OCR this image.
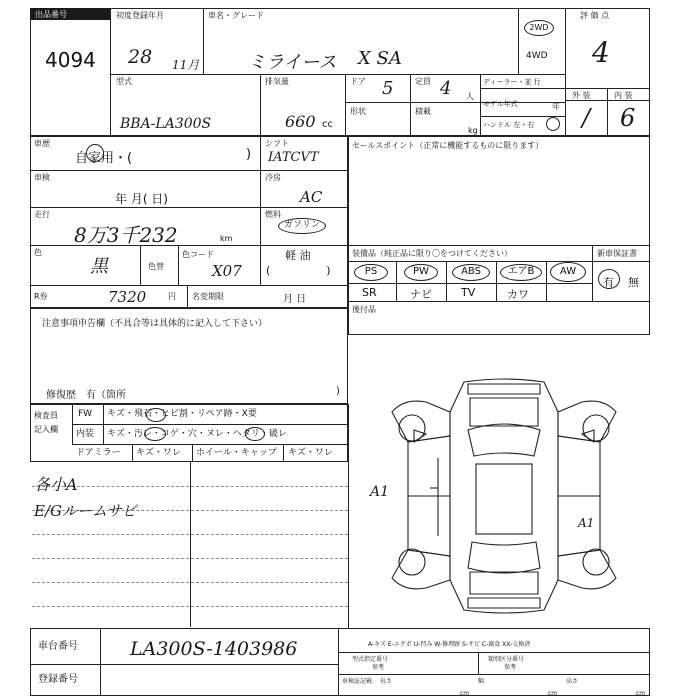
出品番号
4094
初度登録年月
28 11月
車名・グレード
ミライース X SA
2WD
4WD
評 価 点
4
型式
BBA-LA300S
排気量
660 cc
ドア 5	定員 4 人
ディーラー・並 行
モデル年式	年
形状	積載
kg
ハンドル 左・右
外 装	内 装
/ 6
車歴
自家用・(	)
シフト
IATCVT
車検
年 月( 日)
冷房
AC
走行
8万3千232	km
燃料
ガソリン
軽 油
(                )
色
黒	色替
色コード
X07
R券	7320	円 名変期限	月 日
セールスポイント（正常に機能するものに限ります）
装備品（純正品に限り〇をつけてください）	新車保証書
有 無
PS	PW	ABS	エアB	AW
SR	ナビ	TV	カワ
後付品
注意事項申告欄（不具合等は具体的に記入して下さい）
修復歴　有（箇所	)
検査員
記入欄
FW キズ・飛石・ヒビ割・リペア跡・X要
内装 キズ・汚レ・コゲ・穴・ヌレ・ヘタリ・破レ
ドアミラー キズ・ワレ ホイール・キャップ キズ・ワレ
各小A
E/Gルームサビ
A1
A1
車台番号	LA300S-1403986
登録番号
A-キズ E-エクボ U-凹み W-修理跡 S-サビ C-腐食 XX-交換済
型式指定番号
参考
類別区分番号
参考
車検証記載 長さ
cm
幅
cm
高さ
cm
